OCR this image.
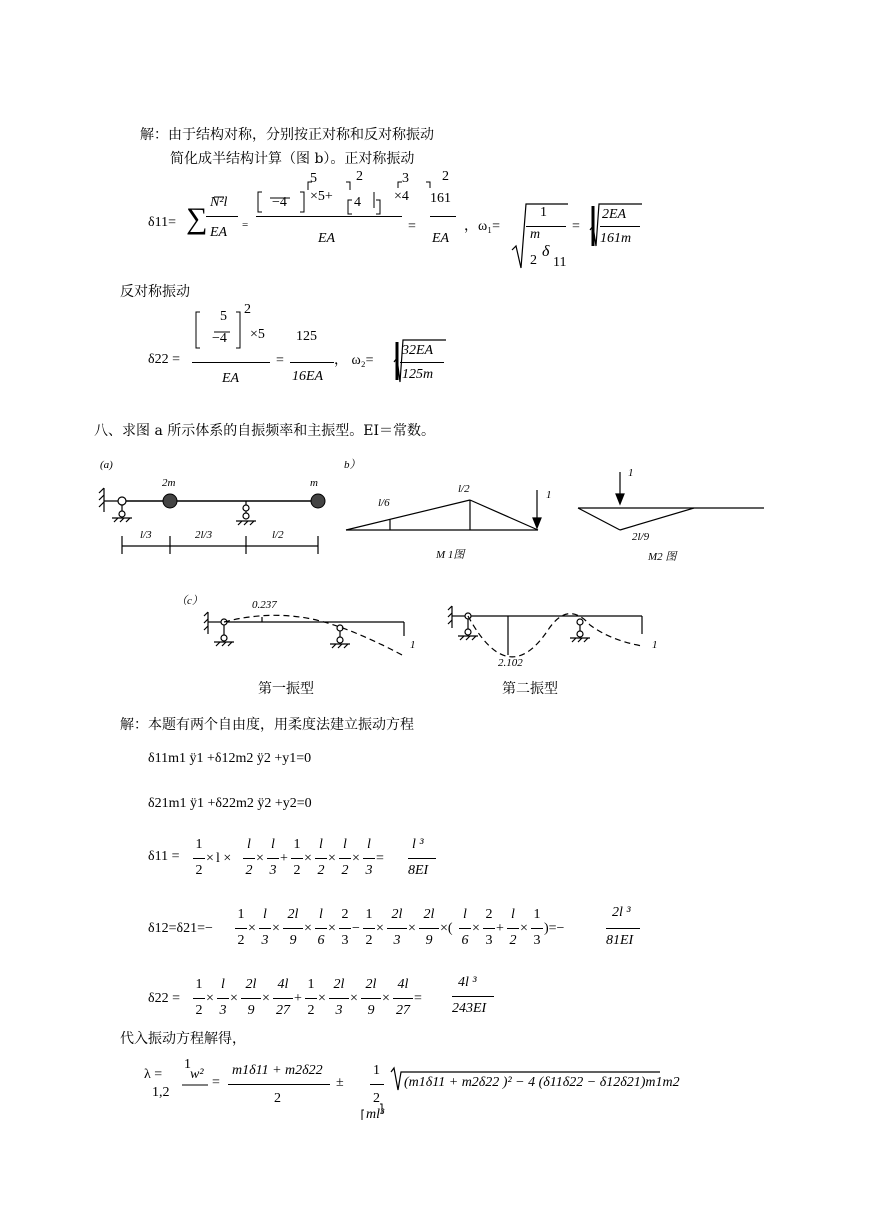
解：由于结构对称，分别按正对称和反对称振动
简化成半结构计算（图 b）。正对称振动
δ11= ∑ N²l
EA =
5
−4 ×5+
3
4 ×4
2	2
EA
=
161
EA
，ω₁=
1
m
2
δ
11
=
2EA
161m
反对称振动
δ22 =
5
−4 ×5
2
EA
=
125
16EA
， ω₂=
32EA
125m
八、求图 a 所示体系的自振频率和主振型。EI＝常数。
(a)	b）
（c）
2m	m
l/3	2l/3	l/2
l/6
l/2	1
M 1图
1
2l/9
M2 图
0.237
1
第一振型
2.102
1
第二振型
解：本题有两个自由度，用柔度法建立振动方程
δ11m1 ÿ1 +δ12m2 ÿ2 +y1=0
δ21m1 ÿ1 +δ22m2 ÿ2 +y2=0
δ11 =
l ³
8EI
δ12=δ21=−
2l ³
81EI
δ22 =
4l ³
243EI
代入振动方程解得，
λ =
1,2
1
w²
=
m1δ11 + m2δ22
2
±
1
2
(m1δ11 + m2δ22 )² − 4 (δ11δ22 − δ12δ21)m1m2
ml³
1
2
× l ×
l
2
×
l
3
+
1
2
×
l
2
×
l
2
×
l
3
=
1
2
×
l
3
×
2l
9
×
l
6
×
2
3
−
1
2
×
2l
3
×
2l
9
×(
l
6
×
2
3
+
l
2
×
1
3
)=−
1
2
×
l
3
×
2l
9
×
4l
27
+
1
2
×
2l
3
×
2l
9
×
4l
27
=
